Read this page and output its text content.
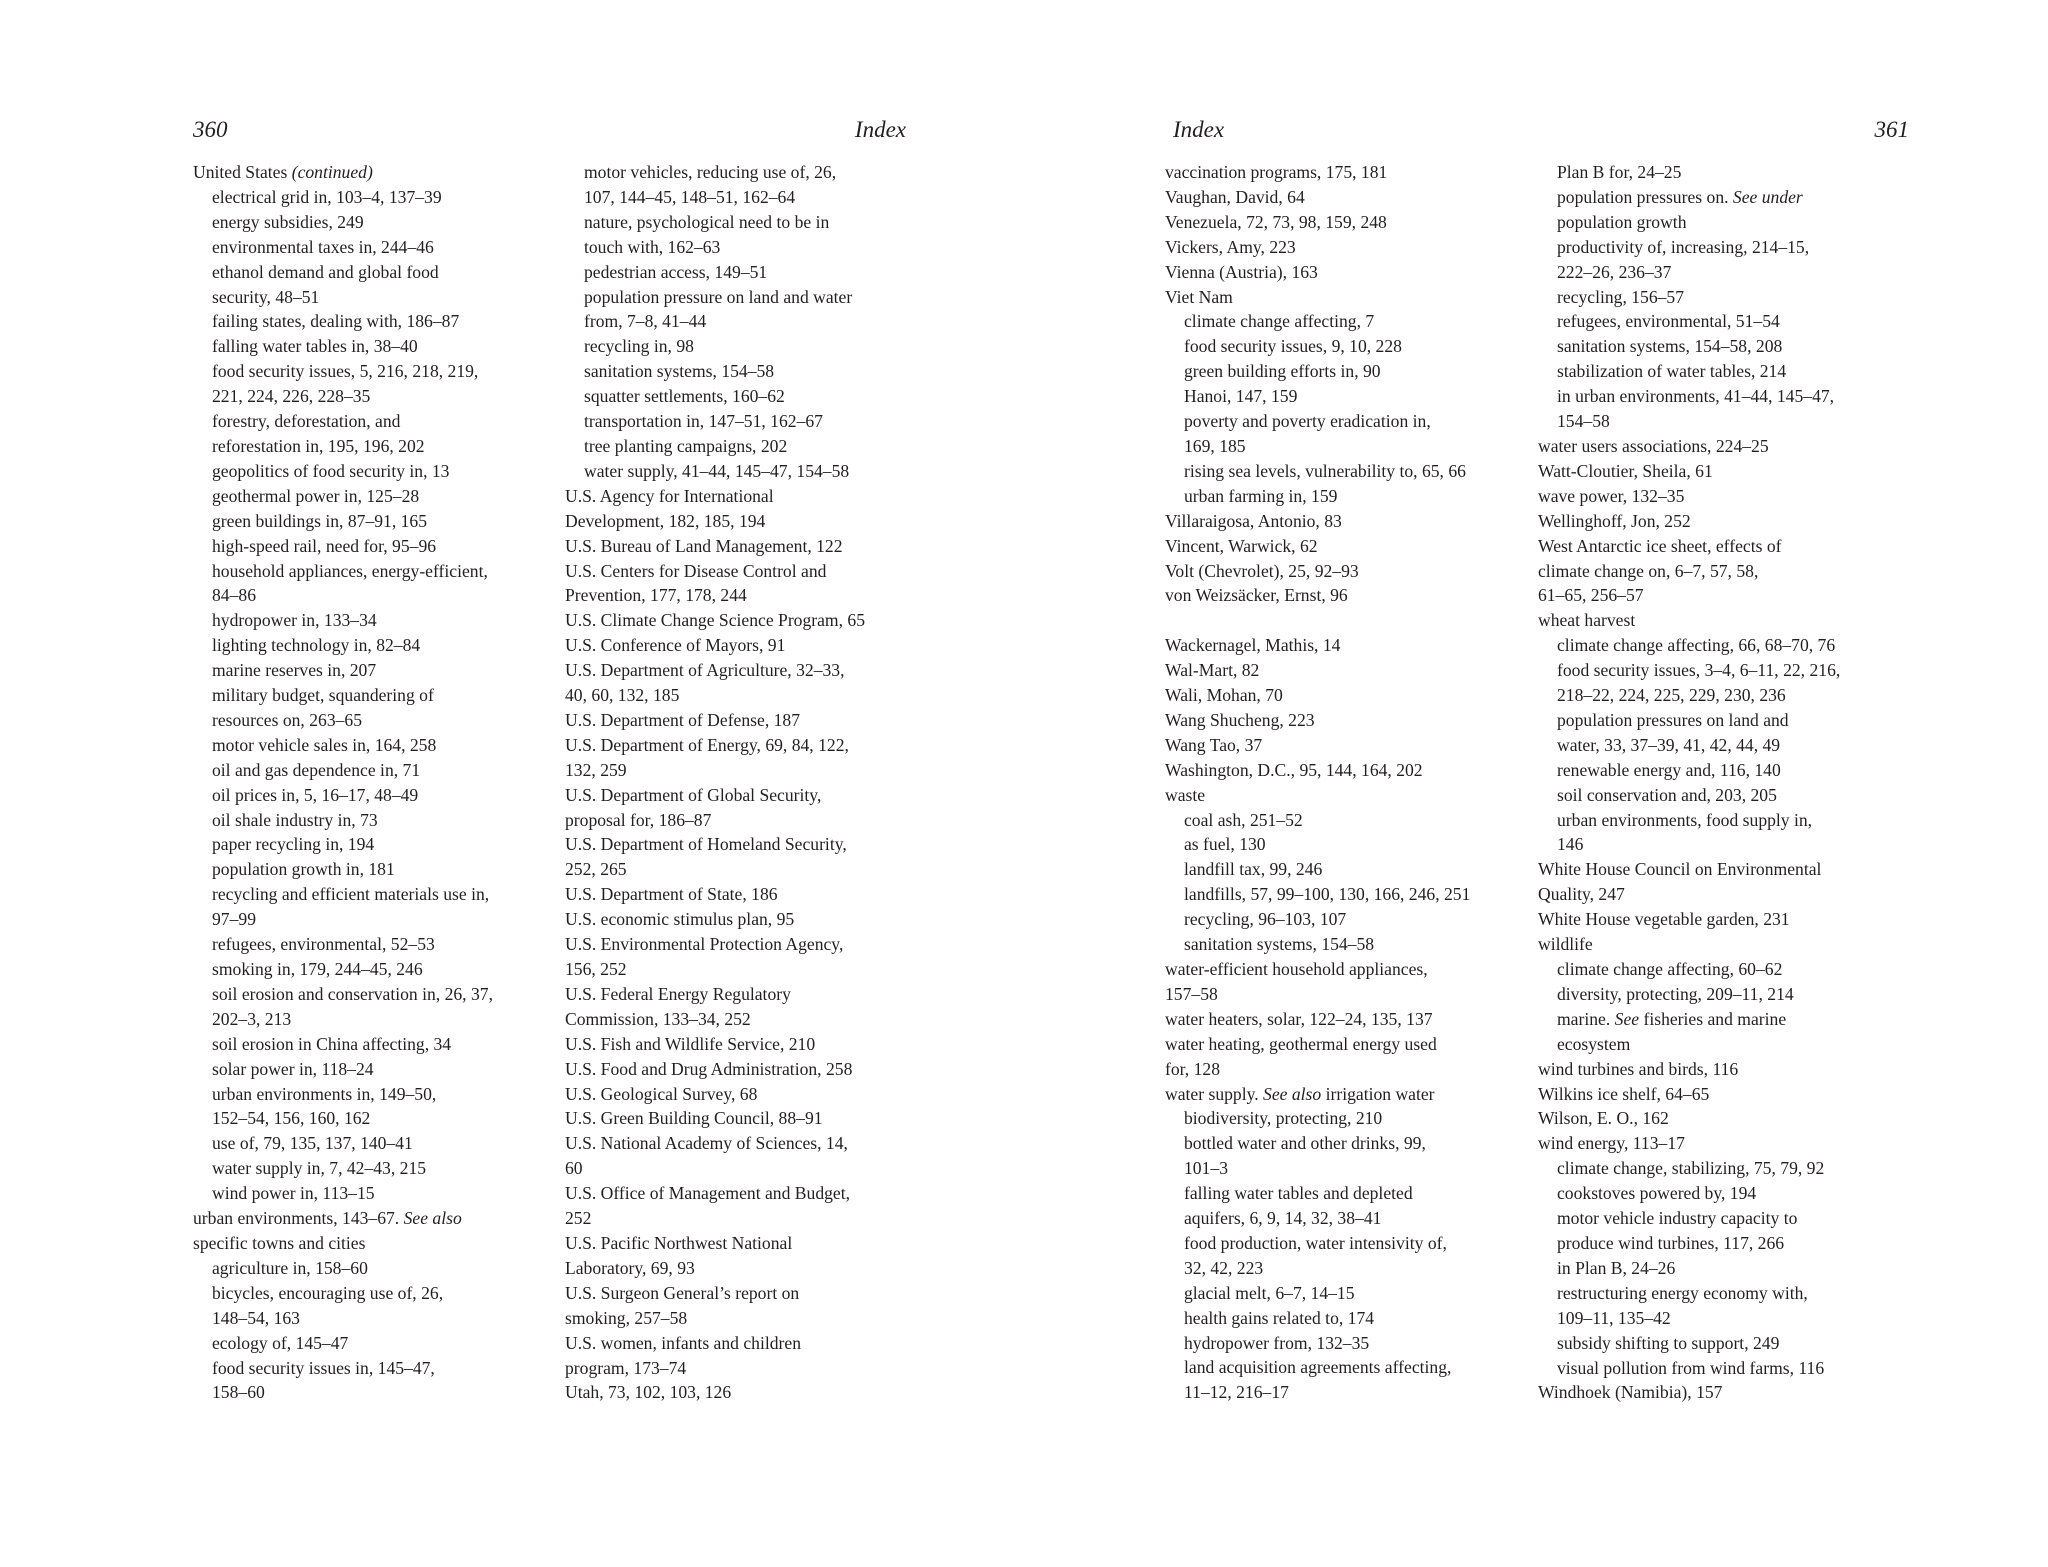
360	Index
United States (continued)
electrical grid in, 103–4, 137–39
energy subsidies, 249
environmental taxes in, 244–46
ethanol demand and global food
security, 48–51
failing states, dealing with, 186–87
falling water tables in, 38–40
food security issues, 5, 216, 218, 219,
221, 224, 226, 228–35
forestry, deforestation, and
reforestation in, 195, 196, 202
geopolitics of food security in, 13
geothermal power in, 125–28
green buildings in, 87–91, 165
high-speed rail, need for, 95–96
household appliances, energy-efficient,
84–86
hydropower in, 133–34
lighting technology in, 82–84
marine reserves in, 207
military budget, squandering of
resources on, 263–65
motor vehicle sales in, 164, 258
oil and gas dependence in, 71
oil prices in, 5, 16–17, 48–49
oil shale industry in, 73
paper recycling in, 194
population growth in, 181
recycling and efficient materials use in,
97–99
refugees, environmental, 52–53
smoking in, 179, 244–45, 246
soil erosion and conservation in, 26, 37,
202–3, 213
soil erosion in China affecting, 34
solar power in, 118–24
urban environments in, 149–50,
152–54, 156, 160, 162
use of, 79, 135, 137, 140–41
water supply in, 7, 42–43, 215
wind power in, 113–15
urban environments, 143–67. See also
specific towns and cities
agriculture in, 158–60
bicycles, encouraging use of, 26,
148–54, 163
ecology of, 145–47
food security issues in, 145–47,
158–60
motor vehicles, reducing use of, 26,
107, 144–45, 148–51, 162–64
nature, psychological need to be in
touch with, 162–63
pedestrian access, 149–51
population pressure on land and water
from, 7–8, 41–44
recycling in, 98
sanitation systems, 154–58
squatter settlements, 160–62
transportation in, 147–51, 162–67
tree planting campaigns, 202
water supply, 41–44, 145–47, 154–58
U.S. Agency for International
Development, 182, 185, 194
U.S. Bureau of Land Management, 122
U.S. Centers for Disease Control and
Prevention, 177, 178, 244
U.S. Climate Change Science Program, 65
U.S. Conference of Mayors, 91
U.S. Department of Agriculture, 32–33,
40, 60, 132, 185
U.S. Department of Defense, 187
U.S. Department of Energy, 69, 84, 122,
132, 259
U.S. Department of Global Security,
proposal for, 186–87
U.S. Department of Homeland Security,
252, 265
U.S. Department of State, 186
U.S. economic stimulus plan, 95
U.S. Environmental Protection Agency,
156, 252
U.S. Federal Energy Regulatory
Commission, 133–34, 252
U.S. Fish and Wildlife Service, 210
U.S. Food and Drug Administration, 258
U.S. Geological Survey, 68
U.S. Green Building Council, 88–91
U.S. National Academy of Sciences, 14,
60
U.S. Office of Management and Budget,
252
U.S. Pacific Northwest National
Laboratory, 69, 93
U.S. Surgeon General’s report on
smoking, 257–58
U.S. women, infants and children
program, 173–74
Utah, 73, 102, 103, 126
Index	361
vaccination programs, 175, 181
Vaughan, David, 64
Venezuela, 72, 73, 98, 159, 248
Vickers, Amy, 223
Vienna (Austria), 163
Viet Nam
climate change affecting, 7
food security issues, 9, 10, 228
green building efforts in, 90
Hanoi, 147, 159
poverty and poverty eradication in,
169, 185
rising sea levels, vulnerability to, 65, 66
urban farming in, 159
Villaraigosa, Antonio, 83
Vincent, Warwick, 62
Volt (Chevrolet), 25, 92–93
von Weizsäcker, Ernst, 96
Wackernagel, Mathis, 14
Wal-Mart, 82
Wali, Mohan, 70
Wang Shucheng, 223
Wang Tao, 37
Washington, D.C., 95, 144, 164, 202
waste
coal ash, 251–52
as fuel, 130
landfill tax, 99, 246
landfills, 57, 99–100, 130, 166, 246, 251
recycling, 96–103, 107
sanitation systems, 154–58
water-efficient household appliances,
157–58
water heaters, solar, 122–24, 135, 137
water heating, geothermal energy used
for, 128
water supply. See also irrigation water
biodiversity, protecting, 210
bottled water and other drinks, 99,
101–3
falling water tables and depleted
aquifers, 6, 9, 14, 32, 38–41
food production, water intensivity of,
32, 42, 223
glacial melt, 6–7, 14–15
health gains related to, 174
hydropower from, 132–35
land acquisition agreements affecting,
11–12, 216–17
Plan B for, 24–25
population pressures on. See under
population growth
productivity of, increasing, 214–15,
222–26, 236–37
recycling, 156–57
refugees, environmental, 51–54
sanitation systems, 154–58, 208
stabilization of water tables, 214
in urban environments, 41–44, 145–47,
154–58
water users associations, 224–25
Watt-Cloutier, Sheila, 61
wave power, 132–35
Wellinghoff, Jon, 252
West Antarctic ice sheet, effects of
climate change on, 6–7, 57, 58,
61–65, 256–57
wheat harvest
climate change affecting, 66, 68–70, 76
food security issues, 3–4, 6–11, 22, 216,
218–22, 224, 225, 229, 230, 236
population pressures on land and
water, 33, 37–39, 41, 42, 44, 49
renewable energy and, 116, 140
soil conservation and, 203, 205
urban environments, food supply in,
146
White House Council on Environmental
Quality, 247
White House vegetable garden, 231
wildlife
climate change affecting, 60–62
diversity, protecting, 209–11, 214
marine. See fisheries and marine
ecosystem
wind turbines and birds, 116
Wilkins ice shelf, 64–65
Wilson, E. O., 162
wind energy, 113–17
climate change, stabilizing, 75, 79, 92
cookstoves powered by, 194
motor vehicle industry capacity to
produce wind turbines, 117, 266
in Plan B, 24–26
restructuring energy economy with,
109–11, 135–42
subsidy shifting to support, 249
visual pollution from wind farms, 116
Windhoek (Namibia), 157
